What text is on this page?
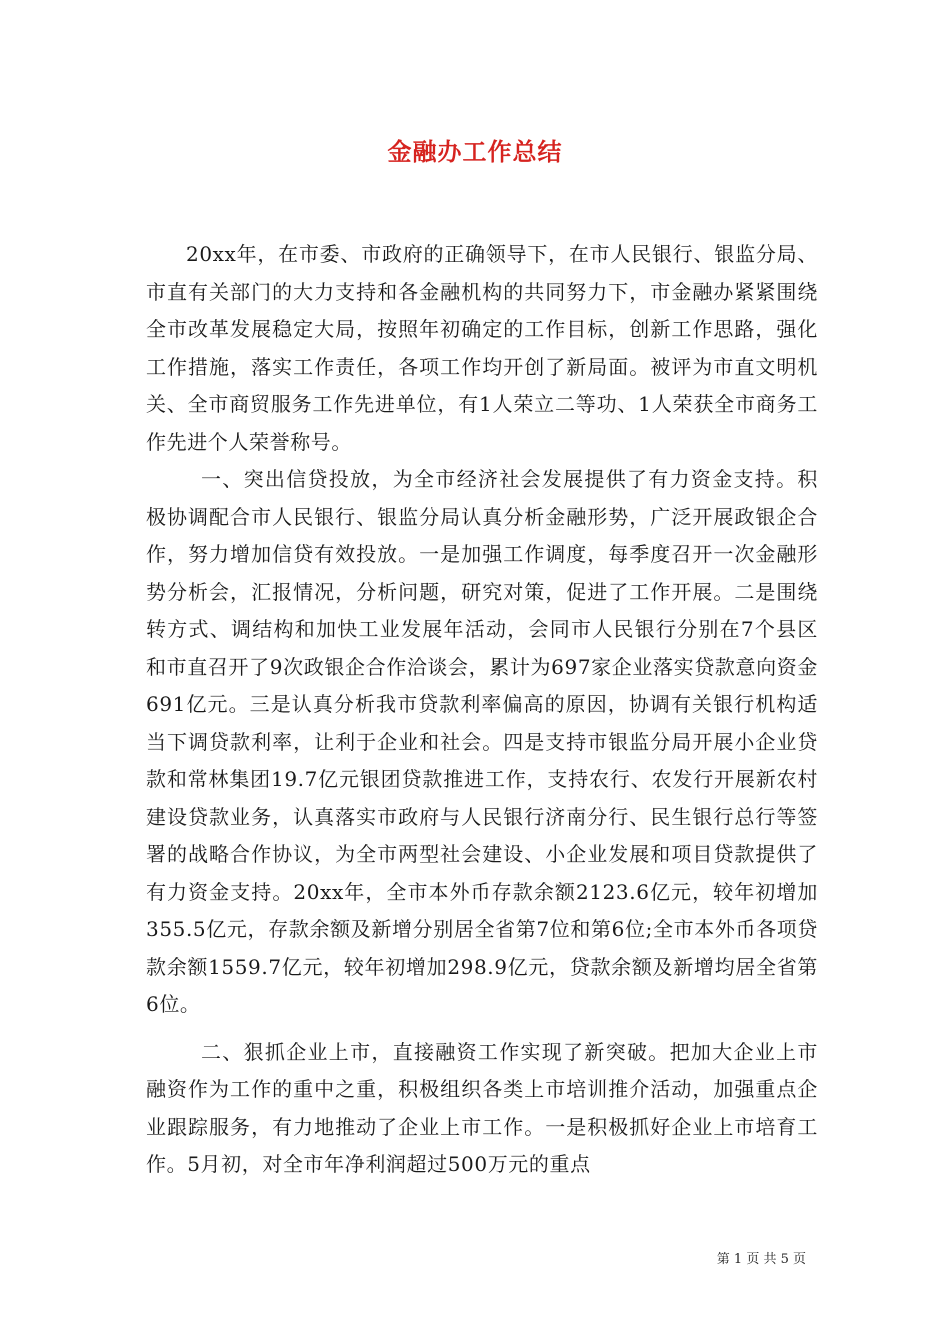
金融办工作总结

20xx年，在市委、市政府的正确领导下，在市人民银行、银监分局、市直有关部门的大力支持和各金融机构的共同努力下，市金融办紧紧围绕全市改革发展稳定大局，按照年初确定的工作目标，创新工作思路，强化工作措施，落实工作责任，各项工作均开创了新局面。被评为市直文明机关、全市商贸服务工作先进单位，有1人荣立二等功、1人荣获全市商务工作先进个人荣誉称号。

一、突出信贷投放，为全市经济社会发展提供了有力资金支持。积极协调配合市人民银行、银监分局认真分析金融形势，广泛开展政银企合作，努力增加信贷有效投放。一是加强工作调度，每季度召开一次金融形势分析会，汇报情况，分析问题，研究对策，促进了工作开展。二是围绕转方式、调结构和加快工业发展年活动，会同市人民银行分别在7个县区和市直召开了9次政银企合作洽谈会，累计为697家企业落实贷款意向资金691亿元。三是认真分析我市贷款利率偏高的原因，协调有关银行机构适当下调贷款利率，让利于企业和社会。四是支持市银监分局开展小企业贷款和常林集团19.7亿元银团贷款推进工作，支持农行、农发行开展新农村建设贷款业务，认真落实市政府与人民银行济南分行、民生银行总行等签署的战略合作协议，为全市两型社会建设、小企业发展和项目贷款提供了有力资金支持。20xx年，全市本外币存款余额2123.6亿元，较年初增加355.5亿元，存款余额及新增分别居全省第7位和第6位;全市本外币各项贷款余额1559.7亿元，较年初增加298.9亿元，贷款余额及新增均居全省第6位。

二、狠抓企业上市，直接融资工作实现了新突破。把加大企业上市融资作为工作的重中之重，积极组织各类上市培训推介活动，加强重点企业跟踪服务，有力地推动了企业上市工作。一是积极抓好企业上市培育工作。5月初，对全市年净利润超过500万元的重点

第 1 页 共 5 页
